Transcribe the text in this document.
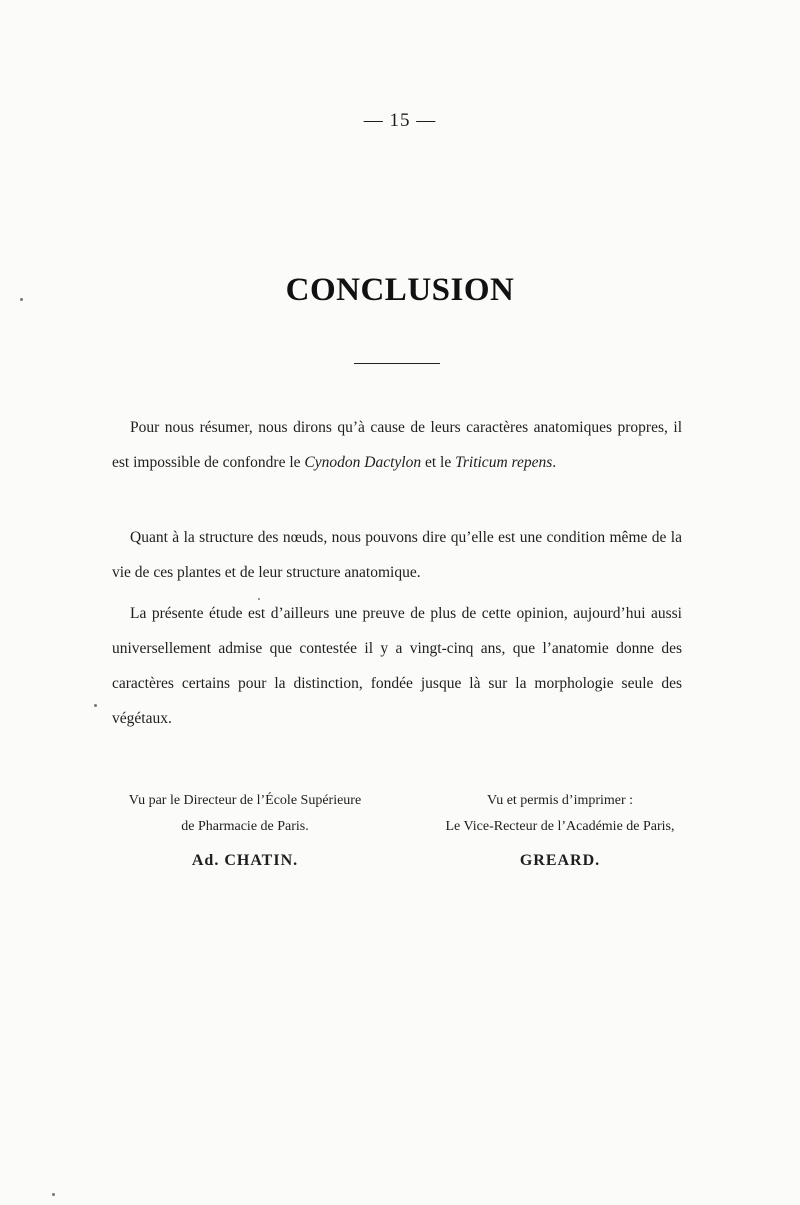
— 15 —
CONCLUSION

Pour nous résumer, nous dirons qu’à cause de leurs caractères anatomiques propres, il est impossible de confondre le Cynodon Dactylon et le Triticum repens.

Quant à la structure des nœuds, nous pouvons dire qu’elle est une condition même de la vie de ces plantes et de leur structure anatomique.

La présente étude est d’ailleurs une preuve de plus de cette opinion, aujourd’hui aussi universellement admise que contestée il y a vingt-cinq ans, que l’anatomie donne des caractères certains pour la distinction, fondée jusque là sur la morphologie seule des végétaux.

Vu par le Directeur de l’École Supérieure
de Pharmacie de Paris.
Ad. CHATIN.
Vu et permis d’imprimer :
Le Vice-Recteur de l’Académie de Paris,
GREARD.
